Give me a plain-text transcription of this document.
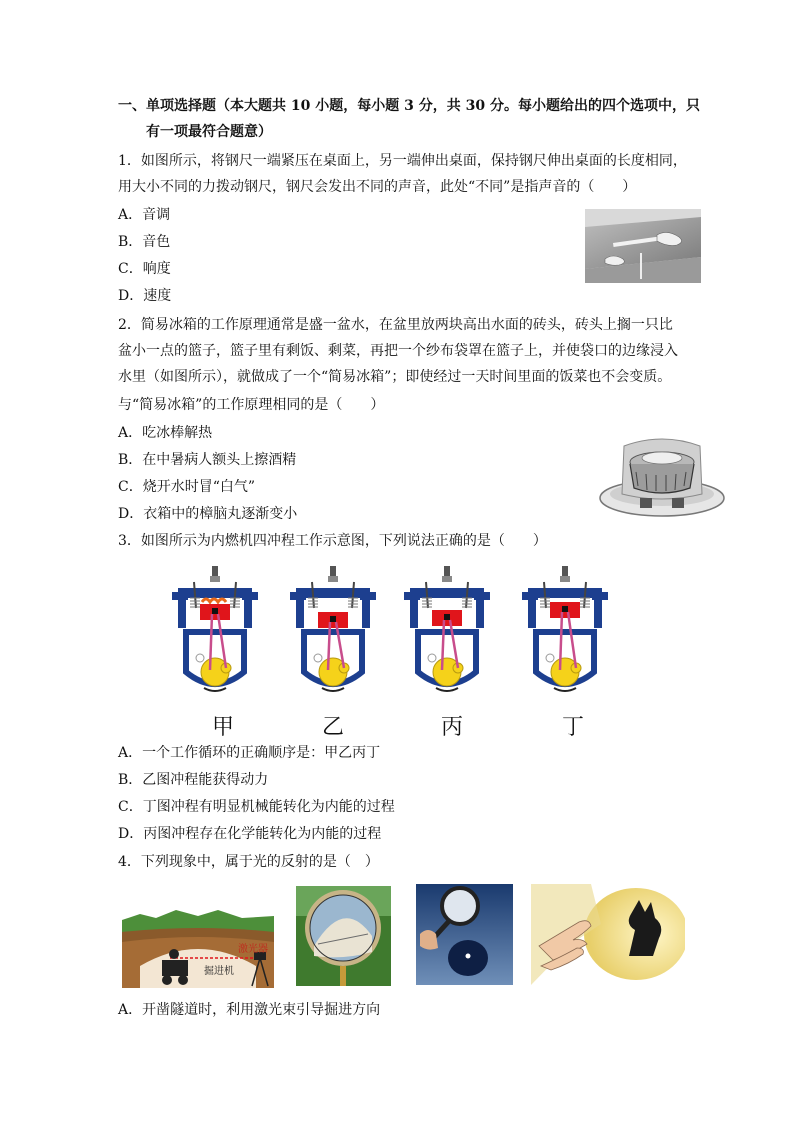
一、单项选择题（本大题共 10 小题，每小题 3 分，共 30 分。每小题给出的四个选项中，只
有一项最符合题意）
1．如图所示，将钢尺一端紧压在桌面上，另一端伸出桌面，保持钢尺伸出桌面的长度相同，
用大小不同的力拨动钢尺，钢尺会发出不同的声音，此处“不同”是指声音的（　　）
A．音调
B．音色
C．响度
D．速度
2．简易冰箱的工作原理通常是盛一盆水，在盆里放两块高出水面的砖头，砖头上搁一只比
盆小一点的篮子，篮子里有剩饭、剩菜，再把一个纱布袋罩在篮子上，并使袋口的边缘浸入
水里（如图所示），就做成了一个“简易冰箱”；即使经过一天时间里面的饭菜也不会变质。
与“简易冰箱”的工作原理相同的是（　　）
A．吃冰棒解热
B．在中暑病人额头上擦酒精
C．烧开水时冒“白气”
D．衣箱中的樟脑丸逐渐变小
3．如图所示为内燃机四冲程工作示意图，下列说法正确的是（　　）
甲	乙	丙	丁
A．一个工作循环的正确顺序是：甲乙丙丁
B．乙图冲程能获得动力
C．丁图冲程有明显机械能转化为内能的过程
D．丙图冲程存在化学能转化为内能的过程
4．下列现象中，属于光的反射的是（　）
激光器
掘进机
A．开凿隧道时，利用激光束引导掘进方向
